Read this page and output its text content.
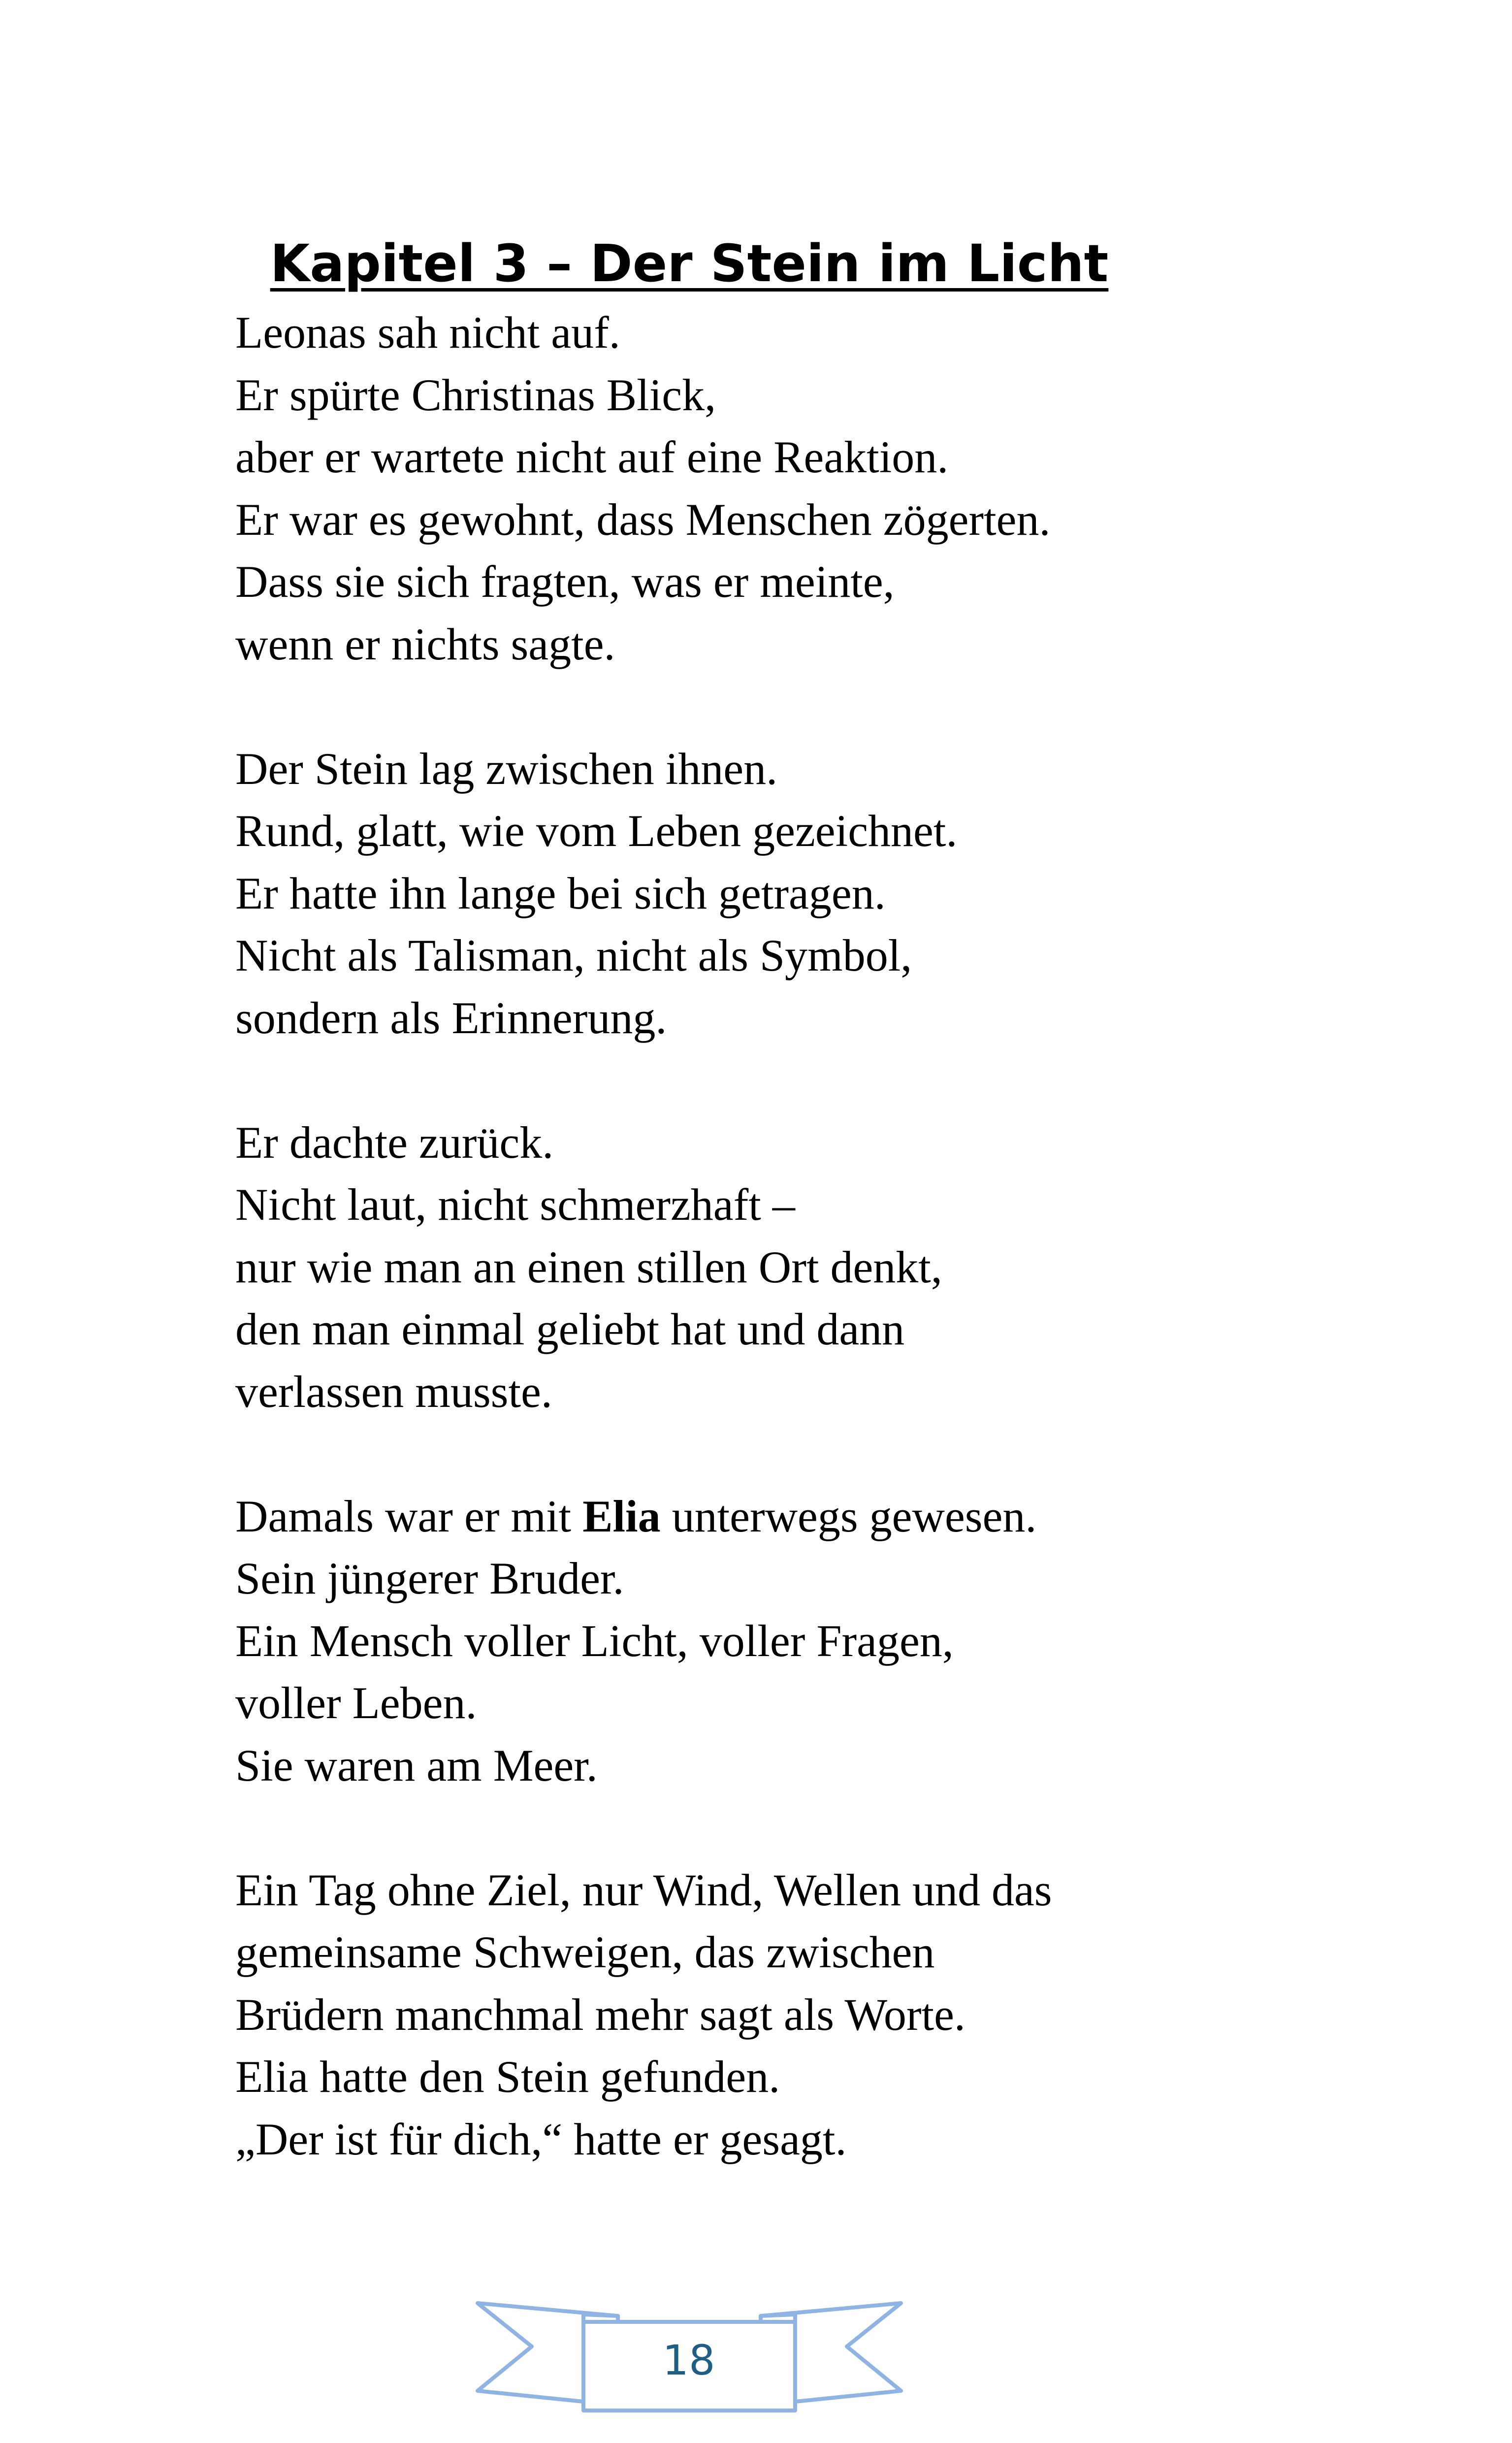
Kapitel 3 – Der Stein im Licht
Leonas sah nicht auf.
Er spürte Christinas Blick,
aber er wartete nicht auf eine Reaktion.
Er war es gewohnt, dass Menschen zögerten.
Dass sie sich fragten, was er meinte,
wenn er nichts sagte.
Der Stein lag zwischen ihnen.
Rund, glatt, wie vom Leben gezeichnet.
Er hatte ihn lange bei sich getragen.
Nicht als Talisman, nicht als Symbol,
sondern als Erinnerung.
Er dachte zurück.
Nicht laut, nicht schmerzhaft –
nur wie man an einen stillen Ort denkt,
den man einmal geliebt hat und dann
verlassen musste.
Damals war er mit Elia unterwegs gewesen.
Sein jüngerer Bruder.
Ein Mensch voller Licht, voller Fragen,
voller Leben.
Sie waren am Meer.
Ein Tag ohne Ziel, nur Wind, Wellen und das
gemeinsame Schweigen, das zwischen
Brüdern manchmal mehr sagt als Worte.
Elia hatte den Stein gefunden.
„Der ist für dich,“ hatte er gesagt.
18
